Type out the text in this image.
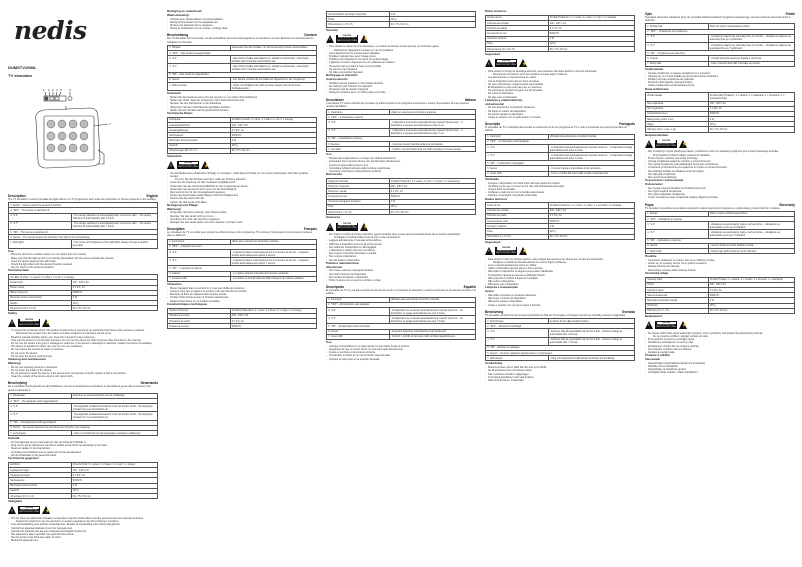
nedis
DUMSTV10WA
TV simulator
1 2 3 4 5 6
7
Description	English

The TV simulator is used to simulate the light effects of a TV programme and create the impression of human presence in the building.

1. Switch – Used to select the preferred function.	
2. "OFF" – The device is switched off.	
3. "4-2"	- The device switches on automatically after it becomes dark. - The device switches off automatically after 4 hours.
4. "4-7"	- The device switches on automatically after it becomes dark. - The device switches off automatically after 7 hours.
5. "ON" – The device is switched on.	
6. Sensor – The sensor detects the intensity of the light in the surroundings.	
7. LED lights	- The colour and brightness of the LED lights change through a random generator.
Use
- Place the device in a location where it is not visible from the outside.
- Make sure that the light sensor is not directly illuminated. Aim the device towards the window.
- Insert the device plug into the wall outlet.
- Check the light effect with the desired function selected.
- Set the switch to the preferred position.
Technical data
10 LEDs (5 white / 1 x green / 1 x blue / 1 x red / 1 x orange)	
Power input	100 - 240 V AC
Power output	6 V DC, 1A
Mains frequency	50/60 Hz
Maximum power consumption	2 W
Weight	115 g
Dimensions (W x H x D)	90 x 75 x 52 mm
Safety
!	CAUTION
RISK OF ELECTRIC SHOCK DO NOT OPEN	⚡
- To reduce risk of electric shock, this product should only be opened by an authorized technician when service is required.
- Disconnect the product from the mains and other equipment if a problem should occur.
- Read the manual carefully before use. Keep the manual for future reference.
- Only use the device for its intended purposes. Do not use the device for other purposes than described in the manual.
- Do not use the device if any part is damaged or defective. If the device is damaged or defective, replace the device immediately.
- The device is suitable for indoor use only. Do not use it outdoors.
- Do not expose the product to water or moisture.
- Do not cover the device.
- Do not drop the device. Avoid bumps.
Cleaning and maintenance
Warning!
- Do not use cleaning solvents or abrasives.
- Do not clean the inside of the device.
- Do not attempt to repair the device. If the device does not operate correctly, replace it with a new device.
- Clean the outside of the device using a soft, damp cloth.
Beschrijving	Nederlands

De tv-simulator wordt gebruikt om de lichteffecten van een tv-programma te simuleren en de indruk te geven dat er iemand in het gebouw aanwezig is.

1. Schakelaar	Selecteer de voorkeursfunctie met de schakelaar.
2. "OFF" – Het apparaat wordt uitgeschakeld.	
3. "4-2"	- Het apparaat schakelt automatisch in als het donker wordt. - Het apparaat schakelt na 4 uur automatisch uit.
4. "4-7"	- Het apparaat schakelt automatisch in als het donker wordt. - Het apparaat schakelt na 7 uur automatisch uit.
5. "ON" – Het apparaat wordt ingeschakeld.	
6. Sensor – De sensor detecteert de intensiteit van het licht in de omgeving.	
7. Led-lampjes	- Kleur en helderheid van de led-lampjes veranderen willekeurig.
Gebruik
- Zet het apparaat op een plek waar het niet van buitenaf zichtbaar is.
- Zorg ervoor dat de lichtsensor niet direct verlicht wordt. Richt het apparaat op het raam.
- Steek de stekker in het stopcontact.
- Controleer het lichteffect met de gewenste functie geselecteerd.
- Zet de schakelaar op de gewenste stand.
Technische gegevens
Lichtbron	10 led's (5 wit / 1 x groen / 1 x blauw / 1 x rood / 1 x oranje)
Ingangsvermogen	100 - 240 V AC
Uitgangsvermogen	6 V DC, 1A
Netfrequentie	50/60 Hz
Maximaal stroomverbruik	2 W
Gewicht	115 g
Afmetingen (b x h x d)	90 x 75 x 52 mm
Veiligheid
!	CAUTION
RISK OF ELECTRIC SHOCK DO NOT OPEN	⚡
- Om het risico op elektrische schokken te beperken mag dit product alleen worden geopend door een erkende technicus.
- Koppel het product los van de netstroom en andere apparatuur als zich problemen voordoen.
- Lees de handleiding voor gebruik zorgvuldig door. Bewaar de handleiding voor toekomstig gebruik.
- Gebruik het apparaat uitsluitend voor het beoogde doel.
- Gebruik het apparaat niet als een onderdeel beschadigd of defect is.
- Het apparaat is alleen geschikt voor gebruik binnenshuis.
- Stel het product niet bloot aan water of vocht.
- Bedek het apparaat niet.
Reiniging en onderhoud
Waarschuwing!
- Gebruik geen oplosmiddelen of schuurmiddelen.
- Reinig de binnenkant van het apparaat niet.
- Probeer het apparaat niet te repareren.
- Reinig de buitenkant met een zachte, vochtige doek.
Beschreibung	Deutsch

Der TV-Simulator wird verwendet, um die Lichteffekte eines Fernsehprogramms zu simulieren und den Eindruck von Anwesenheit im Gebäude zu erwecken.

1. Schalter	Verwenden Sie den Schalter, um die bevorzugte Funktion auszuwählen.
2. "OFF" – Das Gerät ist ausgeschaltet.	
3. "4-2"	- Das Gerät schaltet automatisch ein, sobald es dunkel wird. - Das Gerät schaltet nach 4 Stunden automatisch aus.
4. "4-7"	- Das Gerät schaltet automatisch ein, sobald es dunkel wird. - Das Gerät schaltet nach 7 Stunden automatisch aus.
5. "ON" – Das Gerät ist eingeschaltet.	
6. Sensor	- Der Sensor ermittelt die Intensität des Tageslichts in der Umgebung.
7. LED-Leuchten	- Farbe und Helligkeit der LED-Leuchten ändern sich durch einen Zufallsgenerator.
Gebrauch
- Stellen Sie das Gerät an einem Ort auf, an dem es von außen nicht sichtbar ist.
- Stellen Sie sicher, dass der Lichtsensor nicht direkt beleuchtet wird.
- Stecken Sie den Netzstecker in die Steckdose.
- Überprüfen Sie den Lichteffekt der gewählten Funktion.
- Stellen Sie den Schalter auf die gewünschte Position.
Technische Daten
Lichtquelle	10 LEDs (5 weiß / 1 x grün / 1 x blau / 1 x rot / 1 x orange)
Leistungsaufnahme	100 - 240 V AC
Ausgangsleistung	6 V DC, 1A
Netzfrequenz	50/60 Hz
Maximaler Stromverbrauch	2 W
Gewicht	115 g
Abmessungen (B x H x T)	90 x 75 x 52 mm
Sicherheit
!	CAUTION
RISK OF ELECTRIC SHOCK DO NOT OPEN	⚡
- Um das Risiko eines elektrischen Schlags zu verringern, sollte dieses Produkt nur von einem autorisierten Techniker geöffnet werden.
- Trennen Sie das Produkt vom Netz, sollte ein Problem auftreten.
- Lesen Sie die Anleitung vor dem Gebrauch sorgfältig durch.
- Verwenden Sie das Gerät ausschließlich für den vorgesehenen Zweck.
- Verwenden Sie das Gerät nicht, wenn ein Teil beschädigt ist.
- Das Gerät ist nur für den Innengebrauch geeignet.
- Setzen Sie das Produkt weder Wasser noch Feuchtigkeit aus.
- Decken Sie das Gerät nicht ab.
- Lassen Sie das Gerät nicht fallen.
Reinigung und Pflege
Warnung!
- Verwenden Sie keine Lösungs- oder Scheuermittel.
- Reinigen Sie das Gerät nicht von innen.
- Versuchen Sie nicht, das Gerät zu reparieren.
- Reinigen Sie das Gerät außen mit einem weichen, feuchten Tuch.
Description	Français

Le simulateur de TV est utilisé pour simuler les effets lumineux d'un programme TV et donner l'impression d'une présence humaine dans le bâtiment.

1. Interrupteur	Utilisé pour sélectionner la fonction préférée.
2. "OFF" – L'appareil est éteint.	
3. "4-2"	- L'appareil s'allume automatiquement à la tombée de la nuit. - L'appareil s'éteint automatiquement après 4 heures.
4. "4-7"	- L'appareil s'allume automatiquement à la tombée de la nuit. - L'appareil s'éteint automatiquement après 7 heures.
5. "ON" – L'appareil est allumé.	
6. Capteur	- Le capteur détecte l'intensité de la lumière ambiante.
7. Lumières LED	- La couleur et la luminosité des LED changent de manière aléatoire.
Utilisation
- Placez l'appareil dans un endroit où il n'est pas visible de l'extérieur.
- Assurez-vous que le capteur de lumière n'est pas directement éclairé.
- Branchez la fiche de l'appareil dans la prise murale.
- Vérifiez l'effet lumineux avec la fonction sélectionnée.
- Réglez l'interrupteur sur la position souhaitée.
Caractéristiques techniques
Source lumineuse	10 LED (5 blanches / 1 x verte / 1 x bleue / 1 x rouge / 1 x orange)
Puissance d'entrée	100 - 240 V CA
Puissance de sortie	6 V CC, 1A
Fréquence secteur	50/60 Hz
Consommation électrique maximale	2 W
Poids	115 g
Dimensions (L x H x P)	90 x 75 x 52 mm
Sécurité
!	CAUTION
RISK OF ELECTRIC SHOCK DO NOT OPEN	⚡
- Pour réduire le risque de choc électrique, ce produit ne doit être ouvert que par un technicien agréé.
- Débranchez l'appareil du secteur en cas de problème.
- Lisez attentivement le manuel avant utilisation.
- N'utilisez l'appareil que pour l'usage prévu.
- N'utilisez pas l'appareil si une pièce est endommagée.
- L'appareil convient uniquement à une utilisation en intérieur.
- N'exposez pas le produit à l'eau ou à l'humidité.
- Ne couvrez pas l'appareil.
- Ne faites pas tomber l'appareil.
Nettoyage et entretien
Avertissement !
- N'utilisez pas de solvants ou de produits abrasifs.
- Ne nettoyez pas l'intérieur de l'appareil.
- N'essayez pas de réparer l'appareil.
- Nettoyez l'extérieur avec un chiffon doux et humide.
Descrizione	Italiano

Il simulatore TV viene utilizzato per simulare gli effetti luminosi di un programma televisivo e creare l'impressione di una presenza umana nell'edificio.

1. Interruttore	Usato per selezionare la funzione preferita.
2. "OFF" – Il dispositivo è spento.	
3. "4-2"	- Il dispositivo si accende automaticamente quando diventa buio. - Il dispositivo si spegne automaticamente dopo 4 ore.
4. "4-7"	- Il dispositivo si accende automaticamente quando diventa buio. - Il dispositivo si spegne automaticamente dopo 7 ore.
5. "ON" – Il dispositivo è acceso.	
6. Sensore	- Il sensore rileva l'intensità della luce circostante.
7. Luci LED	- Il colore e la luminosità delle luci LED cambiano in modo casuale.
Uso
- Posizionare il dispositivo in un luogo non visibile dall'esterno.
- Assicurarsi che il sensore di luce non sia illuminato direttamente.
- Inserire la spina nella presa a muro.
- Controllare l'effetto luminoso della funzione selezionata.
- Impostare l'interruttore sulla posizione preferita.
Dati tecnici
Sorgente luminosa	10 LED (5 bianchi / 1 x verde / 1 x blu / 1 x rosso / 1 x arancione)
Potenza in ingresso	100 - 240 V CA
Potenza in uscita	6 V CC, 1A
Frequenza di rete	50/60 Hz
Consumo energetico massimo	2 W
Peso	115 g
Dimensioni (L x A x P)	90 x 75 x 52 mm
Sicurezza
!	CAUTION
RISK OF ELECTRIC SHOCK DO NOT OPEN	⚡
- Per ridurre il rischio di scosse elettriche, questo prodotto deve essere aperto esclusivamente da un tecnico autorizzato.
- Scollegare il prodotto dalla presa di rete in caso di problemi.
- Leggere attentamente il manuale prima dell'uso.
- Utilizzare il dispositivo solo per gli scopi previsti.
- Non utilizzare il dispositivo se danneggiato.
- Il dispositivo è adatto solo per uso interno.
- Non esporre il prodotto ad acqua o umidità.
- Non coprire il dispositivo.
- Non far cadere il dispositivo.
Pulizia e manutenzione
Attenzione!
- Non usare solventi o detergenti abrasivi.
- Non pulire l'interno del dispositivo.
- Non tentare di riparare il dispositivo.
- Pulire l'esterno con un panno morbido e umido.
Descripción	Español

El simulador de TV se usa para simular los efectos de luz de un programa de televisión y crear la impresión de presencia humana en el edificio.

1. Interruptor	Utilizado para seleccionar la función preferida.
2. "OFF" – El dispositivo está apagado.	
3. "4-2"	- El dispositivo se enciende automáticamente cuando oscurece. - El dispositivo se apaga automáticamente tras 4 horas.
4. "4-7"	- El dispositivo se enciende automáticamente cuando oscurece. - El dispositivo se apaga automáticamente tras 7 horas.
5. "ON" – El dispositivo está encendido.	
6. Sensor	- El sensor detecta la intensidad de la luz ambiental.
7. Luces LED	- El color y el brillo de las luces LED cambian aleatoriamente.
Uso
- Coloque el dispositivo en un lugar donde no sea visible desde el exterior.
- Asegúrese de que el sensor de luz no esté iluminado directamente.
- Inserte el enchufe en la toma de corriente.
- Compruebe el efecto de luz de la función seleccionada.
- Coloque el interruptor en la posición deseada.
Datos técnicos
Fuente de luz	10 LED (5 blancos / 1 x verde / 1 x azul / 1 x rojo / 1 x naranja)
Potencia de entrada	100 - 240 V CA
Potencia de salida	6 V CC, 1A
Frecuencia de red	50/60 Hz
Consumo máximo	2 W
Peso	115 g
Dimensiones (An x Al x P)	90 x 75 x 52 mm
Seguridad
!	CAUTION
RISK OF ELECTRIC SHOCK DO NOT OPEN	⚡
- Para reducir el riesgo de descarga eléctrica, este producto solo debe abrirlo un técnico autorizado.
- Desconecte el producto de la red eléctrica si surge algún problema.
- Lea atentamente el manual antes de usarlo.
- Use el dispositivo solo para los fines previstos.
- No use el dispositivo si alguna pieza está dañada.
- El dispositivo es apto solo para uso en interiores.
- No exponga el producto al agua ni a la humedad.
- No cubra el dispositivo.
- No deje caer el dispositivo.
Limpieza y mantenimiento
¡Advertencia!
- No use disolventes ni productos abrasivos.
- No limpie el interior del dispositivo.
- No intente reparar el dispositivo.
- Limpie el exterior con un paño suave y húmedo.
Descrição	Português

O simulador de TV é utilizado para simular os efeitos de luz de um programa de TV e criar a impressão de presença humana no edifício.

1. Interruptor	Utilizado para selecionar a função preferida.
2. "OFF" – O dispositivo está desligado.	
3. "4-2"	- O dispositivo liga automaticamente quando escurece. - O dispositivo desliga automaticamente após 4 horas.
4. "4-7"	- O dispositivo liga automaticamente quando escurece. - O dispositivo desliga automaticamente após 7 horas.
5. "ON" – O dispositivo está ligado.	
6. Sensor	- O sensor deteta a intensidade da luz ambiente.
7. Luzes LED	- A cor e o brilho das luzes LED mudam aleatoriamente.
Utilização
- Coloque o dispositivo num local onde não seja visível do exterior.
- Certifique-se de que o sensor de luz não está diretamente iluminado.
- Insira a ficha na tomada.
- Verifique o efeito de luz com a função selecionada.
- Coloque o interruptor na posição pretendida.
Dados técnicos
Fonte de luz	10 LED (5 brancos / 1 x verde / 1 x azul / 1 x vermelho / 1 x laranja)
Potência de entrada	100 - 240 V CA
Potência de saída	6 V CC, 1A
Frequência de rede	50/60 Hz
Consumo máximo	2 W
Peso	115 g
Dimensões (L x A x P)	90 x 75 x 52 mm
Segurança
!	CAUTION
RISK OF ELECTRIC SHOCK DO NOT OPEN	⚡
- Para reduzir o risco de choque elétrico, este produto apenas deve ser aberto por um técnico autorizado.
- Desligue o produto da tomada elétrica se ocorrer algum problema.
- Leia o manual atentamente antes de utilizar.
- Utilize o dispositivo apenas para os fins previstos.
- Não utilize o dispositivo se alguma peça estiver danificada.
- O dispositivo destina-se apenas a utilização interior.
- Não exponha o produto à água ou humidade.
- Não cubra o dispositivo.
- Não deixe cair o dispositivo.
Limpeza e manutenção
Aviso!
- Não utilize solventes ou produtos abrasivos.
- Não limpe o interior do dispositivo.
- Não tente reparar o dispositivo.
- Limpe o exterior com um pano macio e húmido.
Beskrivning	Svenska

TV-simulatorn används för att simulera ljuseffekterna från ett TV-program och skapa intrycket av mänsklig närvaro i byggnaden.

1. Strömbrytare	Används för att välja önskad funktion.
2. "OFF" – Enheten är avstängd.	
3. "4-2"	- Enheten slås på automatiskt när det blir mörkt. - Enheten stängs av automatiskt efter 4 timmar.
4. "4-7"	- Enheten slås på automatiskt när det blir mörkt. - Enheten stängs av automatiskt efter 7 timmar.
5. "ON" – Enheten är påslagen.	
6. Sensor – Sensorn upptäcker ljusintensiteten i omgivningen.	
7. LED-lampor	- Färg och ljusstyrka för LED-lamporna ändras slumpmässigt.
Användning
- Placera enheten på en plats där den inte syns utifrån.
- Se till att ljussensorn inte belyses direkt.
- Sätt i enhetens kontakt i vägguttaget.
- Kontrollera ljuseffekten med vald funktion.
- Ställ strömbrytaren i önskat läge.
Opis	Polski

Symulator obecności telewizora służy do symulacji efektów świetlnych programu telewizyjnego, tworząc wrażenie obecności ludzi w budynku.

1. Przełącznik	Służy do wyboru preferowanej funkcji.
2. "OFF" – Urządzenie jest wyłączone.	
3. "4-2"	- Urządzenie włącza się automatycznie po zmroku. - Urządzenie wyłącza się automatycznie po 4 godzinach.
4. "4-7"	- Urządzenie włącza się automatycznie po zmroku. - Urządzenie wyłącza się automatycznie po 7 godzinach.
5. "ON" – Urządzenie jest włączone.	
6. Czujnik	- Czujnik wykrywa natężenie światła w otoczeniu.
7. Diody LED	- Kolor i jasność diod LED zmieniają się losowo.
Użytkowanie
- Umieść urządzenie w miejscu niewidocznym z zewnątrz.
- Upewnij się, że czujnik światła nie jest bezpośrednio oświetlony.
- Podłącz wtyczkę urządzenia do gniazdka.
- Sprawdź efekt świetlny wybranej funkcji.
- Ustaw przełącznik w preferowanej pozycji.
Dane techniczne
Źródło światła	10 diod LED (5 białych / 1 x zielona / 1 x niebieska / 1 x czerwona / 1 x pomarańczowa)
Moc wejściowa	100 - 240 V AC
Moc wyjściowa	6 V DC, 1A
Częstotliwość sieci	50/60 Hz
Maksymalny pobór mocy	2 W
Waga	115 g
Wymiary (szer. x wys. x gł.)	90 x 75 x 52 mm
Bezpieczeństwo
!	CAUTION
RISK OF ELECTRIC SHOCK DO NOT OPEN	⚡
- Aby zmniejszyć ryzyko porażenia prądem, produkt ten może być otwierany wyłącznie przez autoryzowanego technika.
- W przypadku problemu odłącz produkt od zasilania.
- Przed użyciem uważnie przeczytaj instrukcję.
- Używaj urządzenia wyłącznie zgodnie z przeznaczeniem.
- Nie używaj urządzenia, jeśli jakakolwiek część jest uszkodzona.
- Urządzenie przeznaczone jest wyłącznie do użytku w pomieszczeniach.
- Nie narażaj produktu na działanie wody lub wilgoci.
- Nie zakrywaj urządzenia.
- Nie upuszczaj urządzenia.
Czyszczenie i konserwacja
Ostrzeżenie!
- Nie używaj rozpuszczalników ani środków ściernych.
- Nie czyść wnętrza urządzenia.
- Nie próbuj naprawiać urządzenia.
- Czyść zewnętrzną część urządzenia miękką, wilgotną szmatką.
Popis	Slovensky

TV simulátor sa používa na simuláciu svetelných efektov televízneho programu a vytvára dojem prítomnosti ľudí v budove.

1. Spínač	Slúži na výber požadovanej funkcie.
2. "OFF" – Zariadenie je vypnuté.	
3. "4-2"	- Zariadenie sa automaticky zapne, keď sa zotmie. - Zariadenie sa automaticky vypne po 4 hodinách.
4. "4-7"	- Zariadenie sa automaticky zapne, keď sa zotmie. - Zariadenie sa automaticky vypne po 7 hodinách.
5. "ON" – Zariadenie je zapnuté.	
6. Senzor	- Senzor zisťuje intenzitu okolitého svetla.
7. LED svetlá	- Farba a jas LED svetiel sa menia náhodne.
Použitie
- Umiestnite zariadenie na miesto, kde nie je viditeľné zvonka.
- Uistite sa, že svetelný senzor nie je priamo osvetlený.
- Zapojte zástrčku do zásuvky.
- Skontrolujte svetelný efekt zvolenej funkcie.
Technické údaje
Svetelný zdroj	10 LED (5 biele / 1 x zelená / 1 x modrá / 1 x červená / 1 x oranžová)
Príkon	100 - 240 V AC
Výstupný výkon	6 V DC, 1A
Sieťová frekvencia	50/60 Hz
Maximálna spotreba energie	2 W
Hmotnosť	115 g
Rozmery (Š x V x H)	90 x 75 x 52 mm
Bezpečnosť
!	CAUTION
RISK OF ELECTRIC SHOCK DO NOT OPEN	⚡
- Ak chcete znížiť riziko úrazu elektrickým prúdom, tento výrobok by mal otvárať iba autorizovaný technik.
- Ak sa vyskytne problém, odpojte výrobok od siete.
- Pred použitím si pozorne prečítajte návod.
- Zariadenie používajte len na určený účel.
- Zariadenie je vhodné iba na vnútorné použitie.
- Nevystavujte výrobok vode ani vlhkosti.
- Zariadenie nezakrývajte.
Čistenie a údržba
Varovanie!
- Nepoužívajte rozpúšťadlá ani abrazívne prostriedky.
- Nečistite vnútro zariadenia.
- Nepokúšajte sa zariadenie opraviť.
- Vonkajšok čistite mäkkou, vlhkou handričkou.
